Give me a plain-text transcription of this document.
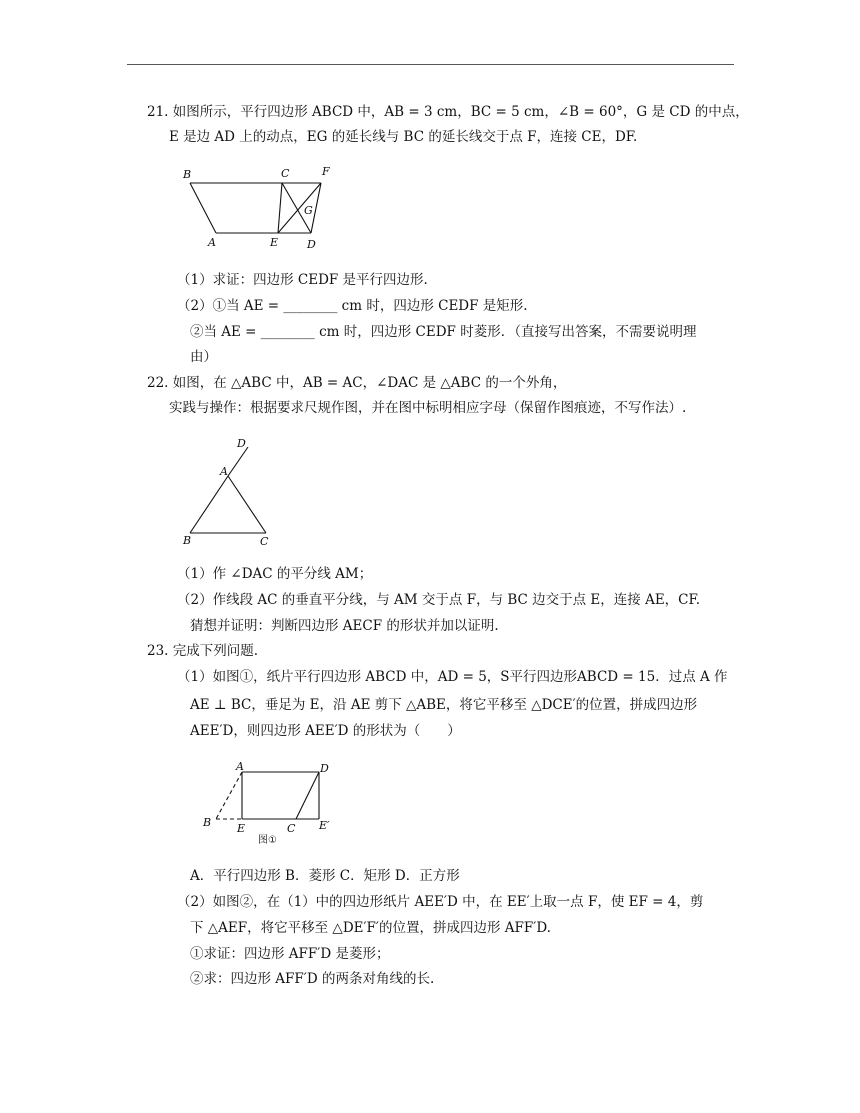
21. 如图所示，平行四边形 ABCD 中，AB = 3 cm，BC = 5 cm，∠B = 60°，G 是 CD 的中点，
E 是边 AD 上的动点，EG 的延长线与 BC 的延长线交于点 F，连接 CE，DF.
B	C	F
G
A	E	D
（1）求证：四边形 CEDF 是平行四边形.
（2）①当 AE = ________ cm 时，四边形 CEDF 是矩形.
②当 AE = ________ cm 时，四边形 CEDF 时菱形．（直接写出答案，不需要说明理
由）
22. 如图，在 △ABC 中，AB = AC，∠DAC 是 △ABC 的一个外角，
实践与操作：根据要求尺规作图，并在图中标明相应字母（保留作图痕迹，不写作法）.
D
A
B	C
（1）作 ∠DAC 的平分线 AM；
（2）作线段 AC 的垂直平分线，与 AM 交于点 F，与 BC 边交于点 E，连接 AE，CF.
猜想并证明：判断四边形 AECF 的形状并加以证明.
23. 完成下列问题.
（1）如图①，纸片平行四边形 ABCD 中，AD = 5，S平行四边形ABCD = 15．过点 A 作
AE ⊥ BC，垂足为 E，沿 AE 剪下 △ABE，将它平移至 △DCE′的位置，拼成四边形
AEE′D，则四边形 AEE′D 的形状为（　　）
A	D
B E	C E′
图①
A．平行四边形 B．菱形 C．矩形 D．正方形
（2）如图②，在（1）中的四边形纸片 AEE′D 中，在 EE′上取一点 F，使 EF = 4，剪
下 △AEF，将它平移至 △DE′F′的位置，拼成四边形 AFF′D.
①求证：四边形 AFF′D 是菱形；
②求：四边形 AFF′D 的两条对角线的长.
